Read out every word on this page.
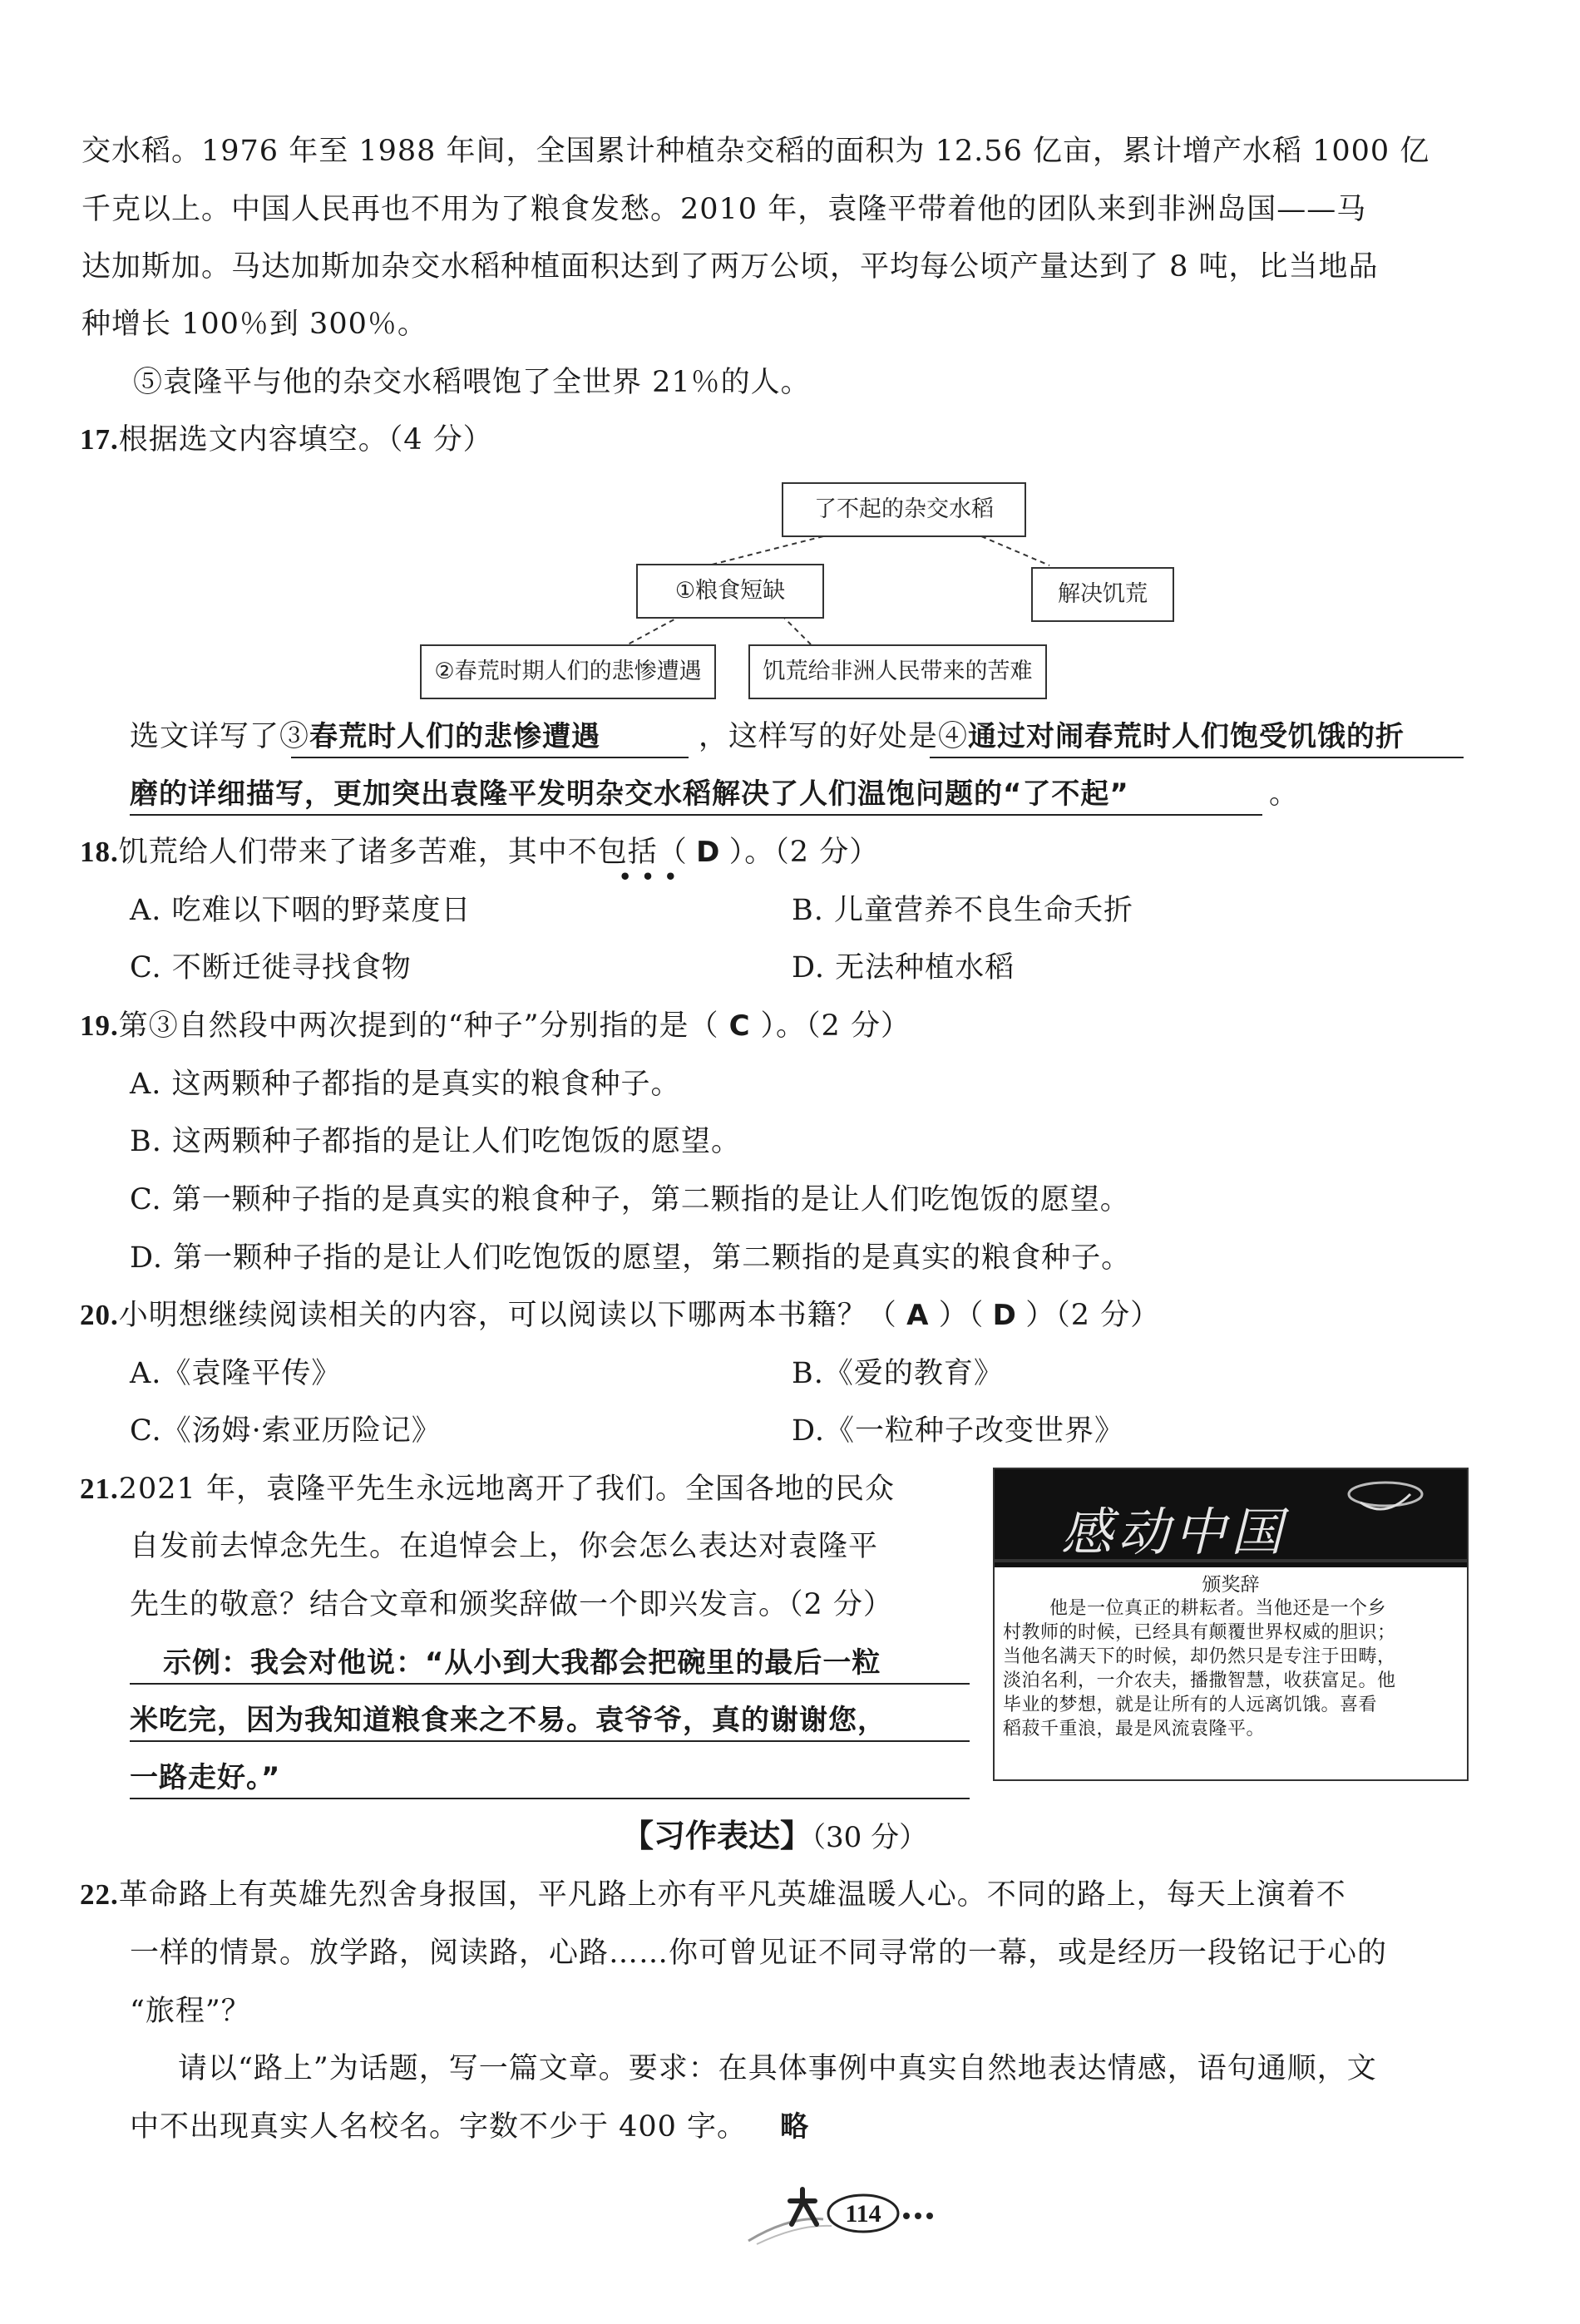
交水稻。1976 年至 1988 年间，全国累计种植杂交稻的面积为 12.56 亿亩，累计增产水稻 1000 亿
千克以上。中国人民再也不用为了粮食发愁。2010 年，袁隆平带着他的团队来到非洲岛国——马
达加斯加。马达加斯加杂交水稻种植面积达到了两万公顷，平均每公顷产量达到了 8 吨，比当地品
种增长 100％到 300％。
⑤袁隆平与他的杂交水稻喂饱了全世界 21％的人。
17.根据选文内容填空。（4 分）
了不起的杂交水稻
①粮食短缺	解决饥荒
②春荒时期人们的悲惨遭遇	饥荒给非洲人民带来的苦难
选文详写了③春荒时人们的悲惨遭遇	，这样写的好处是④通过对闹春荒时人们饱受饥饿的折
磨的详细描写，更加突出袁隆平发明杂交水稻解决了人们温饱问题的“了不起”	。
18.饥荒给人们带来了诸多苦难，其中不包括（ D ）。（2 分）
•••
A. 吃难以下咽的野菜度日	B. 儿童营养不良生命夭折
C. 不断迁徙寻找食物	D. 无法种植水稻
19.第③自然段中两次提到的“种子”分别指的是（ C ）。（2 分）
A. 这两颗种子都指的是真实的粮食种子。
B. 这两颗种子都指的是让人们吃饱饭的愿望。
C. 第一颗种子指的是真实的粮食种子，第二颗指的是让人们吃饱饭的愿望。
D. 第一颗种子指的是让人们吃饱饭的愿望，第二颗指的是真实的粮食种子。
20.小明想继续阅读相关的内容，可以阅读以下哪两本书籍？（ A ）（ D ）（2 分）
A.《袁隆平传》	B.《爱的教育》
C.《汤姆·索亚历险记》	D.《一粒种子改变世界》
21.2021 年，袁隆平先生永远地离开了我们。全国各地的民众
自发前去悼念先生。在追悼会上，你会怎么表达对袁隆平
先生的敬意？结合文章和颁奖辞做一个即兴发言。（2 分）
示例：我会对他说：“从小到大我都会把碗里的最后一粒
米吃完，因为我知道粮食来之不易。袁爷爷，真的谢谢您，
一路走好。”
感动中国
颁奖辞
他是一位真正的耕耘者。当他还是一个乡
村教师的时候，已经具有颠覆世界权威的胆识；
当他名满天下的时候，却仍然只是专注于田畴，
淡泊名利，一介农夫，播撒智慧，收获富足。他
毕业的梦想，就是让所有的人远离饥饿。喜看
稻菽千重浪，最是风流袁隆平。
【习作表达】（30 分）
22.革命路上有英雄先烈舍身报国，平凡路上亦有平凡英雄温暖人心。不同的路上，每天上演着不
一样的情景。放学路，阅读路，心路……你可曾见证不同寻常的一幕，或是经历一段铭记于心的
“旅程”？
请以“路上”为话题，写一篇文章。要求：在具体事例中真实自然地表达情感，语句通顺，文
中不出现真实人名校名。字数不少于 400 字。 略
114
